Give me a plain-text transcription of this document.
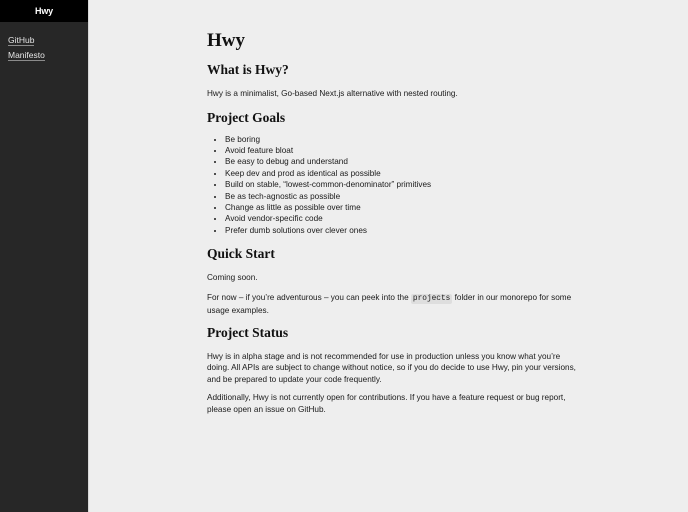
Hwy
GitHub
Manifesto
Hwy
What is Hwy?

Hwy is a minimalist, Go-based Next.js alternative with nested routing.

Project Goals
• Be boring
• Avoid feature bloat
• Be easy to debug and understand
• Keep dev and prod as identical as possible
• Build on stable, “lowest-common-denominator” primitives
• Be as tech-agnostic as possible
• Change as little as possible over time
• Avoid vendor-specific code
• Prefer dumb solutions over clever ones
Quick Start

Coming soon.

For now – if you’re adventurous – you can peek into the projects folder in our monorepo for some usage examples.

Project Status

Hwy is in alpha stage and is not recommended for use in production unless you know what you’re doing. All APIs are subject to change without notice, so if you do decide to use Hwy, pin your versions, and be prepared to update your code frequently.

Additionally, Hwy is not currently open for contributions. If you have a feature request or bug report, please open an issue on GitHub.
